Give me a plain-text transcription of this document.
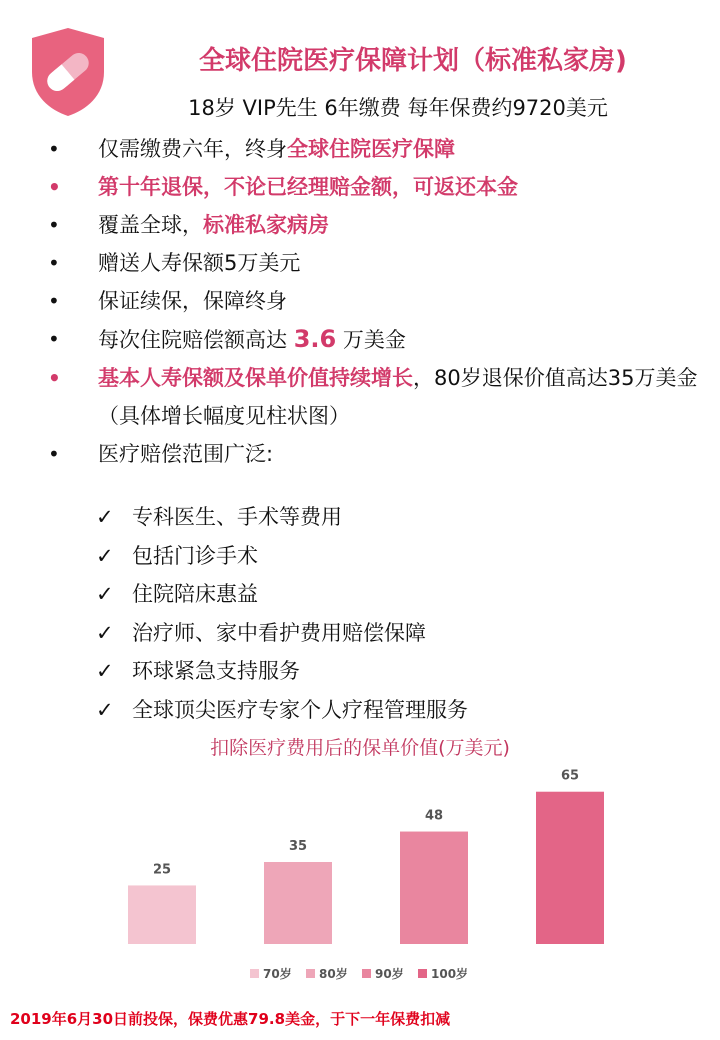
全球住院医疗保障计划（标准私家房)
18岁 VIP先生 6年缴费 每年保费约9720美元
• 仅需缴费六年，终身全球住院医疗保障
• 第十年退保，不论已经理赔金额，可返还本金
• 覆盖全球，标准私家病房
• 赠送人寿保额5万美元
• 保证续保，保障终身
• 每次住院赔偿额高达 3.6 万美金
• 基本人寿保额及保单价值持续增长，80岁退保价值高达35万美金（具体增长幅度见柱状图）
• 医疗赔偿范围广泛:
✓ 专科医生、手术等费用
✓ 包括门诊手术
✓ 住院陪床惠益
✓ 治疗师、家中看护费用赔偿保障
✓ 环球紧急支持服务
✓ 全球顶尖医疗专家个人疗程管理服务
扣除医疗费用后的保单价值(万美元)
25
35
48
65
70岁 80岁 90岁 100岁
2019年6月30日前投保，保费优惠79.8美金，于下一年保费扣减
